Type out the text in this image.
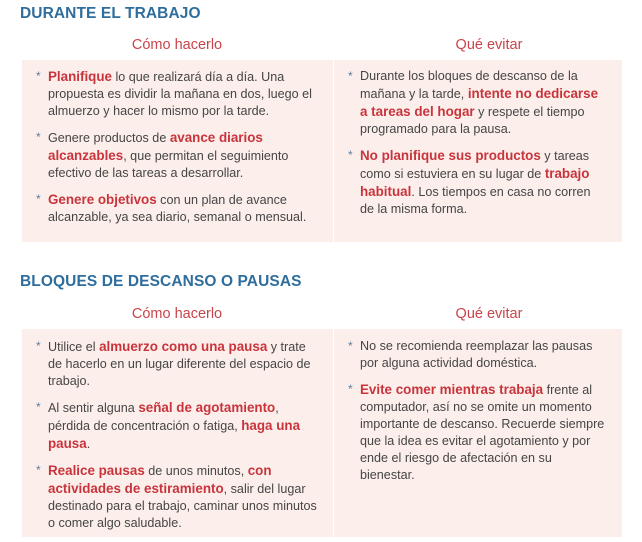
DURANTE EL TRABAJO
Cómo hacerlo	Qué evitar
* Planifique lo que realizará día a día. Una propuesta es dividir la mañana en dos, luego el almuerzo y hacer lo mismo por la tarde.
* Genere productos de avance diarios alcanzables, que permitan el seguimiento efectivo de las tareas a desarrollar.
* Genere objetivos con un plan de avance alcanzable, ya sea diario, semanal o mensual.
* Durante los bloques de descanso de la mañana y la tarde, intente no dedicarse a tareas del hogar y respete el tiempo programado para la pausa.
* No planifique sus productos y tareas como si estuviera en su lugar de trabajo habitual. Los tiempos en casa no corren de la misma forma.
BLOQUES DE DESCANSO O PAUSAS
Cómo hacerlo	Qué evitar
* Utilice el almuerzo como una pausa y trate de hacerlo en un lugar diferente del espacio de trabajo.
* Al sentir alguna señal de agotamiento, pérdida de concentración o fatiga, haga una pausa.
* Realice pausas de unos minutos, con actividades de estiramiento, salir del lugar destinado para el trabajo, caminar unos minutos o comer algo saludable.
* No se recomienda reemplazar las pausas por alguna actividad doméstica.
* Evite comer mientras trabaja frente al computador, así no se omite un momento importante de descanso. Recuerde siempre que la idea es evitar el agotamiento y por ende el riesgo de afectación en su bienestar.
